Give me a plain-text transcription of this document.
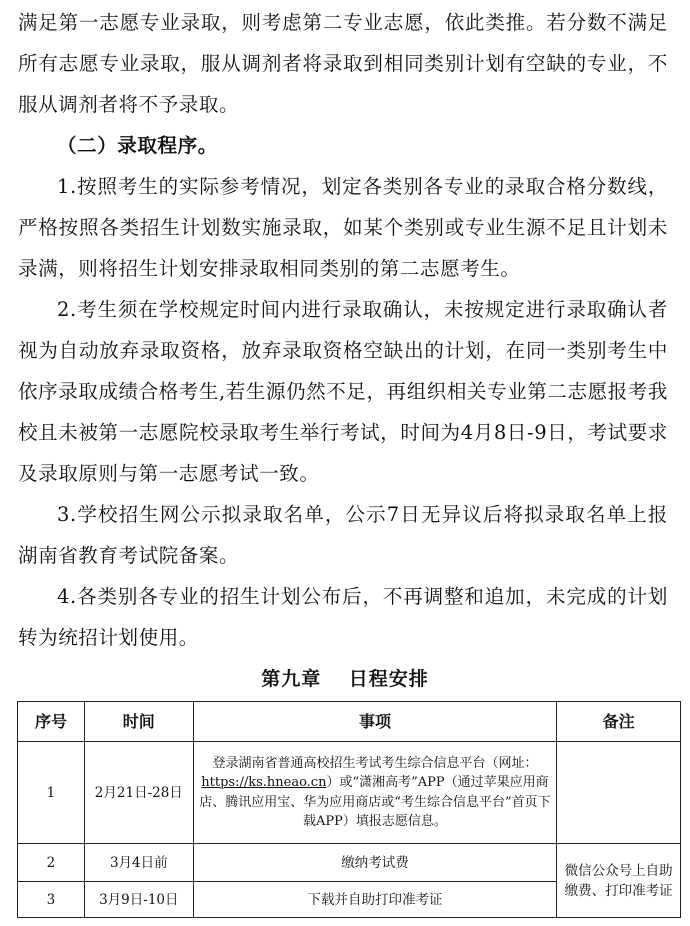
满足第一志愿专业录取，则考虑第二专业志愿，依此类推。若分数不满足所有志愿专业录取，服从调剂者将录取到相同类别计划有空缺的专业，不服从调剂者将不予录取。

（二）录取程序。

1.按照考生的实际参考情况，划定各类别各专业的录取合格分数线，严格按照各类招生计划数实施录取，如某个类别或专业生源不足且计划未录满，则将招生计划安排录取相同类别的第二志愿考生。

2.考生须在学校规定时间内进行录取确认，未按规定进行录取确认者视为自动放弃录取资格，放弃录取资格空缺出的计划，在同一类别考生中依序录取成绩合格考生,若生源仍然不足，再组织相关专业第二志愿报考我校且未被第一志愿院校录取考生举行考试，时间为4月8日-9日，考试要求及录取原则与第一志愿考试一致。

3.学校招生网公示拟录取名单，公示7日无异议后将拟录取名单上报湖南省教育考试院备案。

4.各类别各专业的招生计划公布后，不再调整和追加，未完成的计划转为统招计划使用。

第九章　 日程安排
序号	时间	事项	备注
1	2月21日-28日	登录湖南省普通高校招生考试考生综合信息平台（网址：https://ks.hneao.cn）或“潇湘高考”APP（通过苹果应用商店、腾讯应用宝、华为应用商店或“考生综合信息平台”首页下载APP）填报志愿信息。	
2	3月4日前	缴纳考试费	微信公众号上自助缴费、打印准考证
3	3月9日-10日	下载并自助打印准考证	
